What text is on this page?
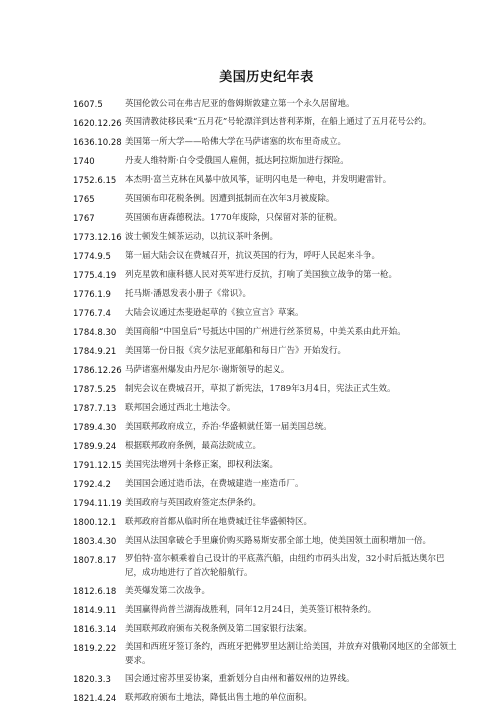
美国历史纪年表
1607.5	英国伦敦公司在弗吉尼亚的詹姆斯敦建立第一个永久居留地。
1620.12.26 英国清教徒移民乘“五月花”号轮漂洋到达普利茅斯，在船上通过了五月花号公约。
1636.10.28 美国第一所大学——哈佛大学在马萨诸塞的坎布里奇成立。
1740	丹麦人维特斯·白令受俄国人雇佣，抵达阿拉斯加进行探险。
1752.6.15	本杰明·富兰克林在风暴中放风筝，证明闪电是一种电，并发明避雷针。
1765	英国颁布印花税条例。因遭到抵制而在次年3月被废除。
1767	英国颁布唐森德税法。1770年废除，只保留对茶的征税。
1773.12.16 波士顿发生倾茶运动，以抗议茶叶条例。
1774.9.5	第一届大陆会议在费城召开，抗议英国的行为，呼吁人民起来斗争。
1775.4.19	列克星敦和康科德人民对英军进行反抗，打响了美国独立战争的第一枪。
1776.1.9	托马斯·潘恩发表小册子《常识》。
1776.7.4	大陆会议通过杰斐逊起草的《独立宣言》草案。
1784.8.30	美国商船“中国皇后”号抵达中国的广州进行丝茶贸易，中美关系由此开始。
1784.9.21	美国第一份日报《宾夕法尼亚邮船和每日广告》开始发行。
1786.12.26 马萨诸塞州爆发由丹尼尔·谢斯领导的起义。
1787.5.25	制宪会议在费城召开，草拟了新宪法，1789年3月4日，宪法正式生效。
1787.7.13	联邦国会通过西北土地法令。
1789.4.30	美国联邦政府成立，乔治·华盛顿就任第一届美国总统。
1789.9.24	根据联邦政府条例，最高法院成立。
1791.12.15 美国宪法增列十条修正案，即权利法案。
1792.4.2	美国国会通过造币法，在费城建造一座造币厂。
1794.11.19 美国政府与英国政府签定杰伊条约。
1800.12.1	联邦政府首都从临时所在地费城迁往华盛顿特区。
1803.4.30	美国从法国拿破仑手里廉价购买路易斯安那全部土地，使美国领土面积增加一倍。
1807.8.17	罗伯特·富尔顿乘着自己设计的平底蒸汽船，由纽约市码头出发，32小时后抵达奥尔巴尼，成功地进行了首次轮船航行。
1812.6.18	美英爆发第二次战争。
1814.9.11	美国赢得尚普兰湖海战胜利，同年12月24日，美英签订根特条约。
1816.3.14	美国联邦政府颁布关税条例及第二国家银行法案。
1819.2.22	美国和西班牙签订条约，西班牙把佛罗里达割让给美国，并放弃对俄勒冈地区的全部领土要求。
1820.3.3	国会通过密苏里妥协案，重新划分自由州和蓄奴州的边界线。
1821.4.24	联邦政府颁布土地法，降低出售土地的单位面积。
